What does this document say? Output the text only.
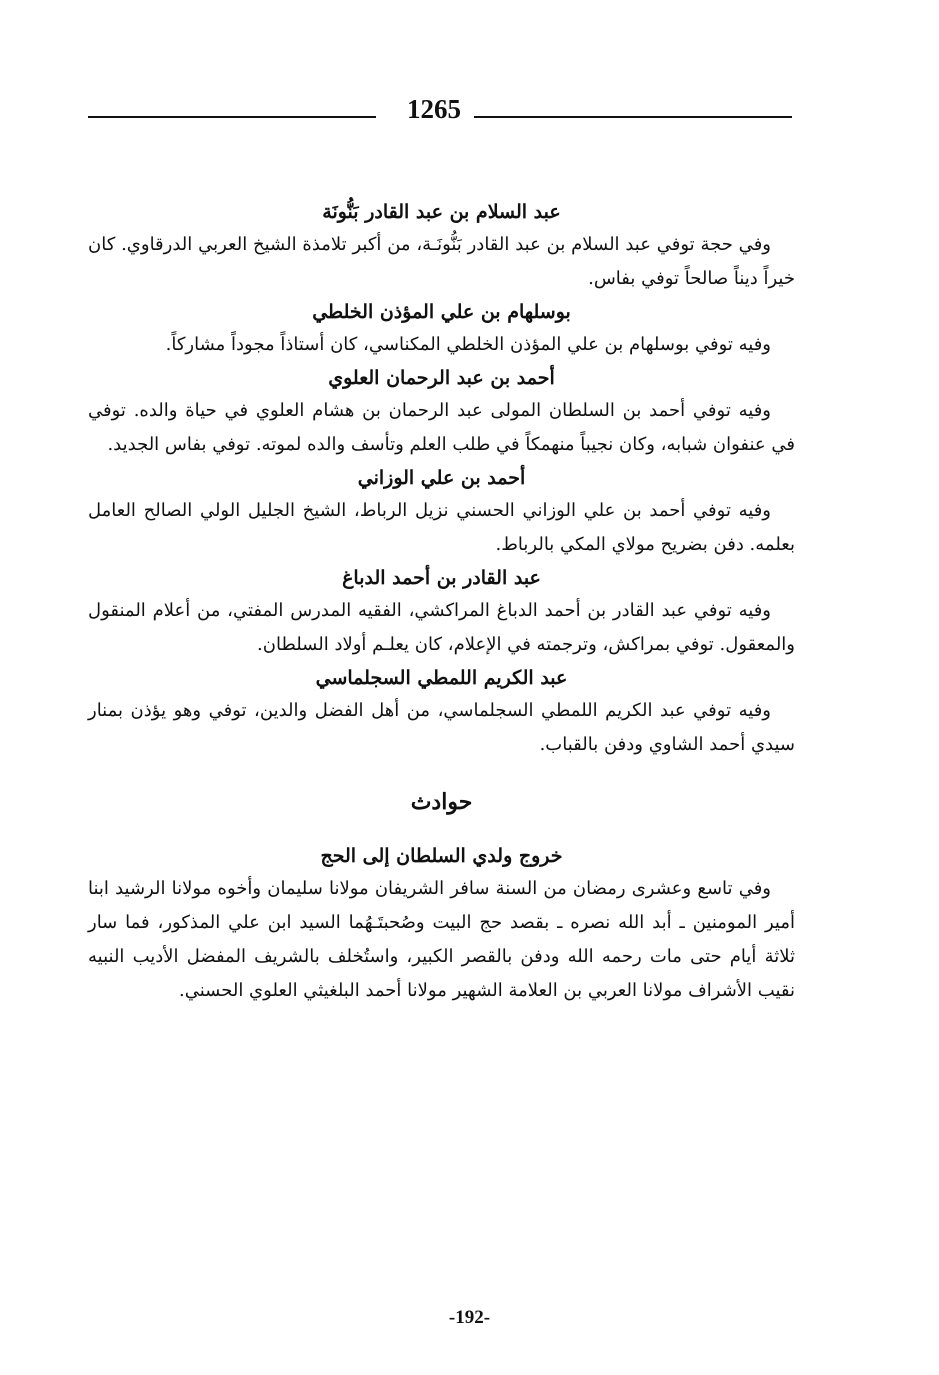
1265
عبد السلام بن عبد القادر بَنُّونَة

وفي حجة توفي عبد السلام بن عبد القادر بَنُّونَـة، من أكبر تلامذة الشيخ العربي الدرقاوي. كان خيراً ديناً صالحاً توفي بفاس.

بوسلهام بن علي المؤذن الخلطي

وفيه توفي بوسلهام بن علي المؤذن الخلطي المكناسي، كان أستاذاً مجوداً مشاركاً.

أحمد بن عبد الرحمان العلوي

وفيه توفي أحمد بن السلطان المولى عبد الرحمان بن هشام العلوي في حياة والده. توفي في عنفوان شبابه، وكان نجيباً منهمكاً في طلب العلم وتأسف والده لموته. توفي بفاس الجديد.

أحمد بن علي الوزاني

وفيه توفي أحمد بن علي الوزاني الحسني نزيل الرباط، الشيخ الجليل الولي الصالح العامل بعلمه. دفن بضريح مولاي المكي بالرباط.

عبد القادر بن أحمد الدباغ

وفيه توفي عبد القادر بن أحمد الدباغ المراكشي، الفقيه المدرس المفتي، من أعلام المنقول والمعقول. توفي بمراكش، وترجمته في الإعلام، كان يعلـم أولاد السلطان.

عبد الكريم اللمطي السجلماسي

وفيه توفي عبد الكريم اللمطي السجلماسي، من أهل الفضل والدين، توفي وهو يؤذن بمنار سيدي أحمد الشاوي ودفن بالقباب.

حوادث
خروج ولدي السلطان إلى الحج

وفي تاسع وعشرى رمضان من السنة سافر الشريفان مولانا سليمان وأخوه مولانا الرشيد ابنا أمير المومنين ـ أبد الله نصره ـ بقصد حج البيت وصُحبتَـهُما السيد ابن علي المذكور، فما سار ثلاثة أيام حتى مات رحمه الله ودفن بالقصر الكبير، واستُخلف بالشريف المفضل الأديب النبيه نقيب الأشراف مولانا العربي بن العلامة الشهير مولانا أحمد البلغيثي العلوي الحسني.

-192-
